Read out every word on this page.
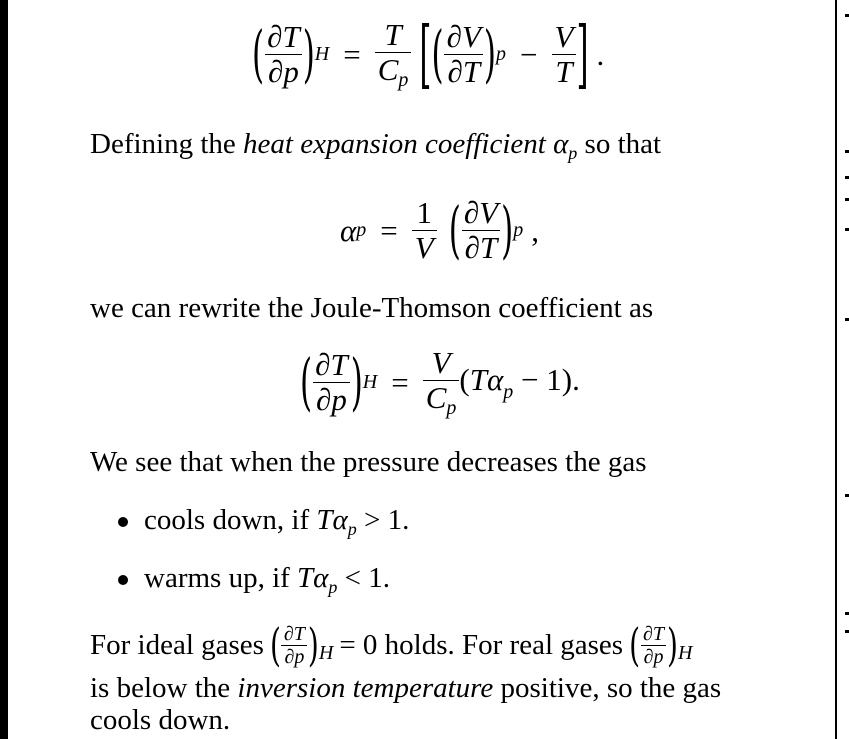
( $\frac{\partial T}{\partial p}$ ) $H = \frac{T}{Cp}$ [ ( $\frac{\partial V}{\partial T}$ ) $p - \frac{V}{T}$ ] .
Defining the heat expansion coefficient $\alpha_p$ so that
α $p = \frac{1}{V}$ ( $\frac{\partial V}{\partial T}$ ) p ,
we can rewrite the Joule-Thomson coefficient as
( $\frac{\partial T}{\partial p}$ ) $H = \frac{V}{Cp} (T\alpha_p - 1)$.
We see that when the pressure decreases the gas
cools down, if $T\alpha_p > 1$.
warms up, if $T\alpha_p < 1$.
For ideal gases ( $\frac{\partial T}{\partial p}$ ) H = 0 holds. For real gases ( $\frac{\partial T}{\partial p}$ ) H
is below the inversion temperature positive, so the gas
cools down.
